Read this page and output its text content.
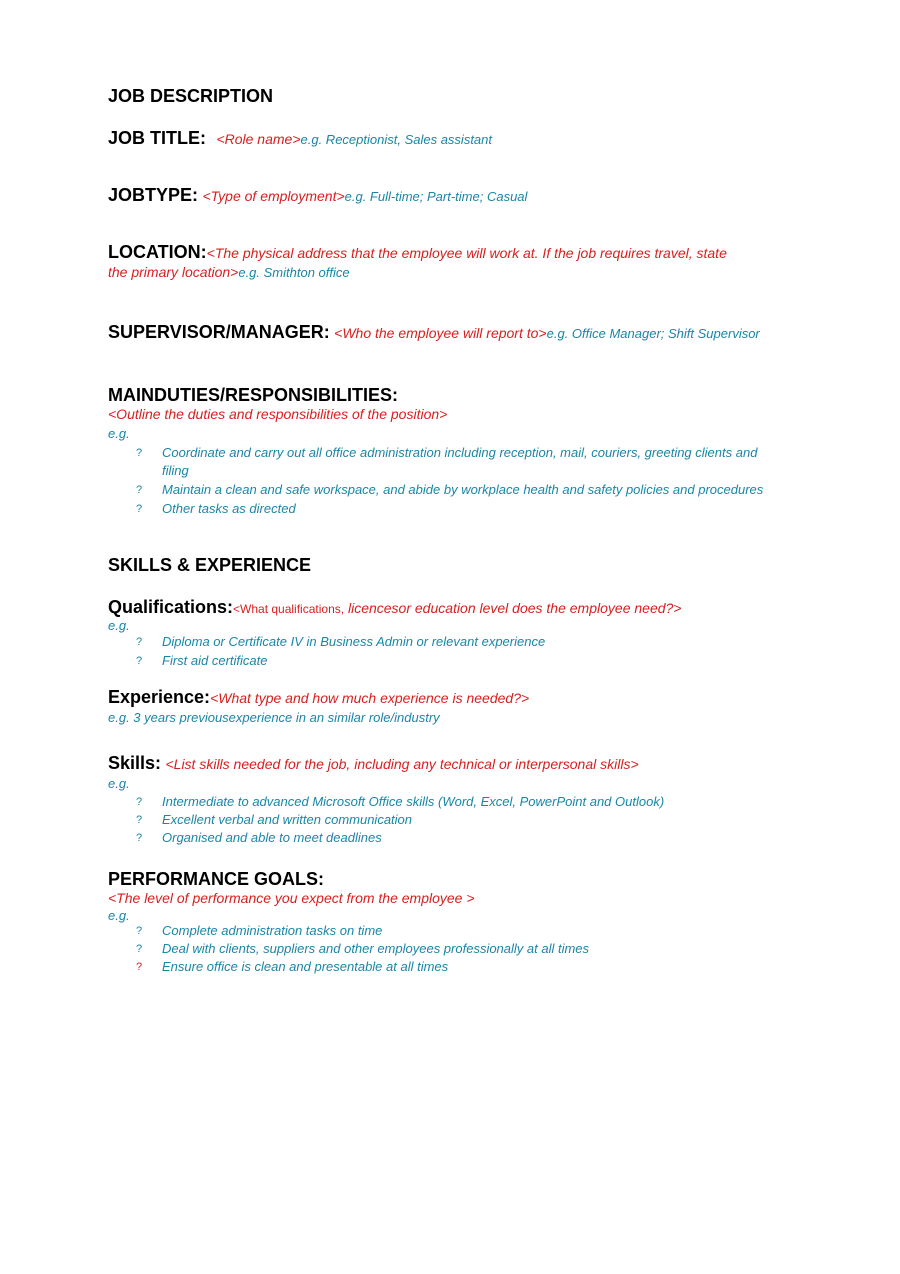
JOB DESCRIPTION
JOB TITLE: <Role name>e.g. Receptionist, Sales assistant
JOBTYPE: <Type of employment>e.g. Full-time; Part-time; Casual
LOCATION:<The physical address that the employee will work at. If the job requires travel, state
the primary location>e.g. Smithton office
SUPERVISOR/MANAGER: <Who the employee will report to>e.g. Office Manager; Shift Supervisor
MAINDUTIES/RESPONSIBILITIES:
<Outline the duties and responsibilities of the position>
e.g.
? Coordinate and carry out all office administration including reception, mail, couriers, greeting clients and
filing
? Maintain a clean and safe workspace, and abide by workplace health and safety policies and procedures
? Other tasks as directed
SKILLS & EXPERIENCE
Qualifications:<What qualifications, licencesor education level does the employee need?>
e.g.
? Diploma or Certificate IV in Business Admin or relevant experience
? First aid certificate
Experience:<What type and how much experience is needed?>
e.g. 3 years previousexperience in an similar role/industry
Skills: <List skills needed for the job, including any technical or interpersonal skills>
e.g.
? Intermediate to advanced Microsoft Office skills (Word, Excel, PowerPoint and Outlook)
? Excellent verbal and written communication
? Organised and able to meet deadlines
PERFORMANCE GOALS:
<The level of performance you expect from the employee >
e.g.
? Complete administration tasks on time
? Deal with clients, suppliers and other employees professionally at all times
? Ensure office is clean and presentable at all times
